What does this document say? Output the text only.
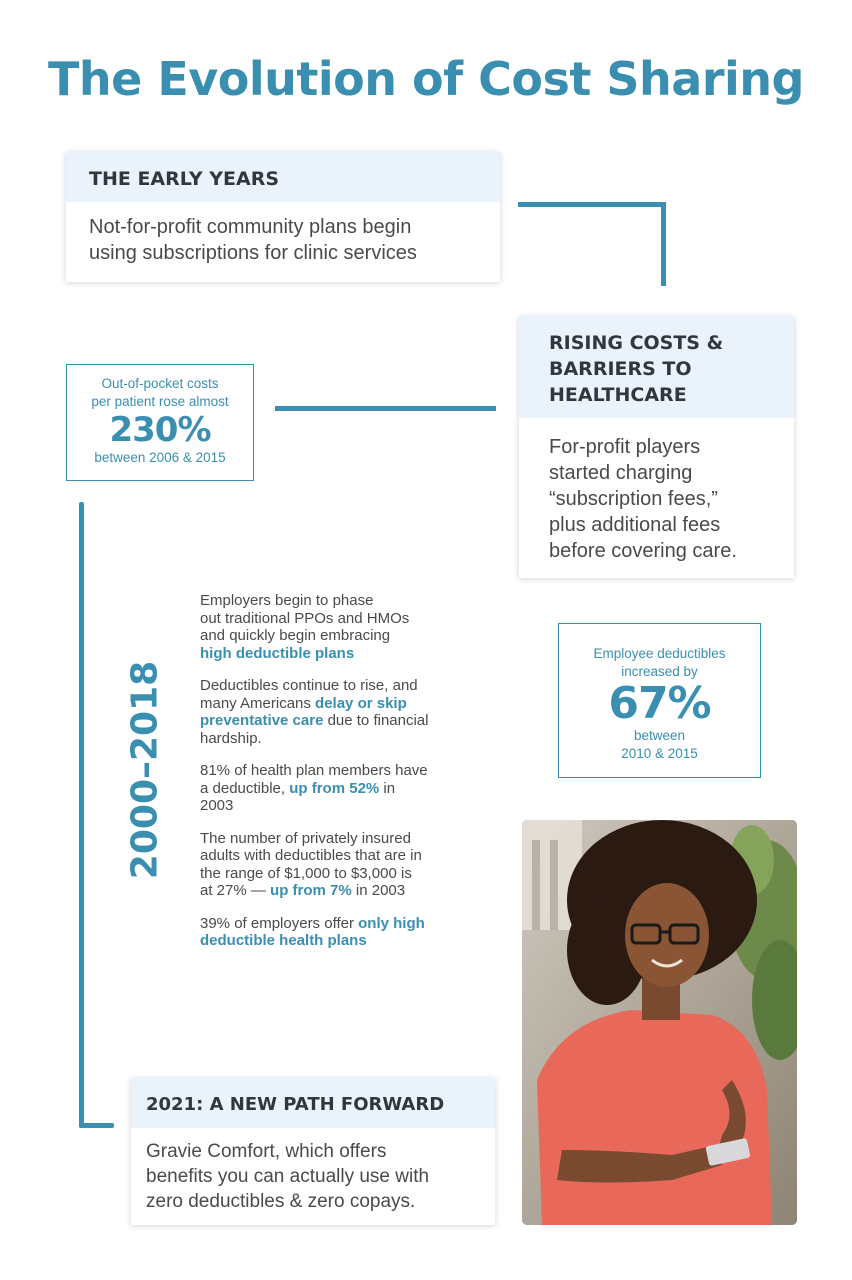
The Evolution of Cost Sharing
THE EARLY YEARS
Not-for-profit community plans begin
using subscriptions for clinic services
RISING COSTS &
BARRIERS TO
HEALTHCARE
For-profit players
started charging
“subscription fees,”
plus additional fees
before covering care.
Out-of-pocket costs
per patient rose almost
230%
between 2006 & 2015
2000–2018
Employers begin to phase
out traditional PPOs and HMOs
and quickly begin embracing
high deductible plans
Deductibles continue to rise, and
many Americans delay or skip
preventative care due to financial
hardship.
81% of health plan members have
a deductible, up from 52% in
2003
The number of privately insured
adults with deductibles that are in
the range of $1,000 to $3,000 is
at 27% — up from 7% in 2003
39% of employers offer only high
deductible health plans
Employee deductibles
increased by
67%
between
2010 & 2015
2021: A NEW PATH FORWARD
Gravie Comfort, which offers
benefits you can actually use with
zero deductibles & zero copays.
